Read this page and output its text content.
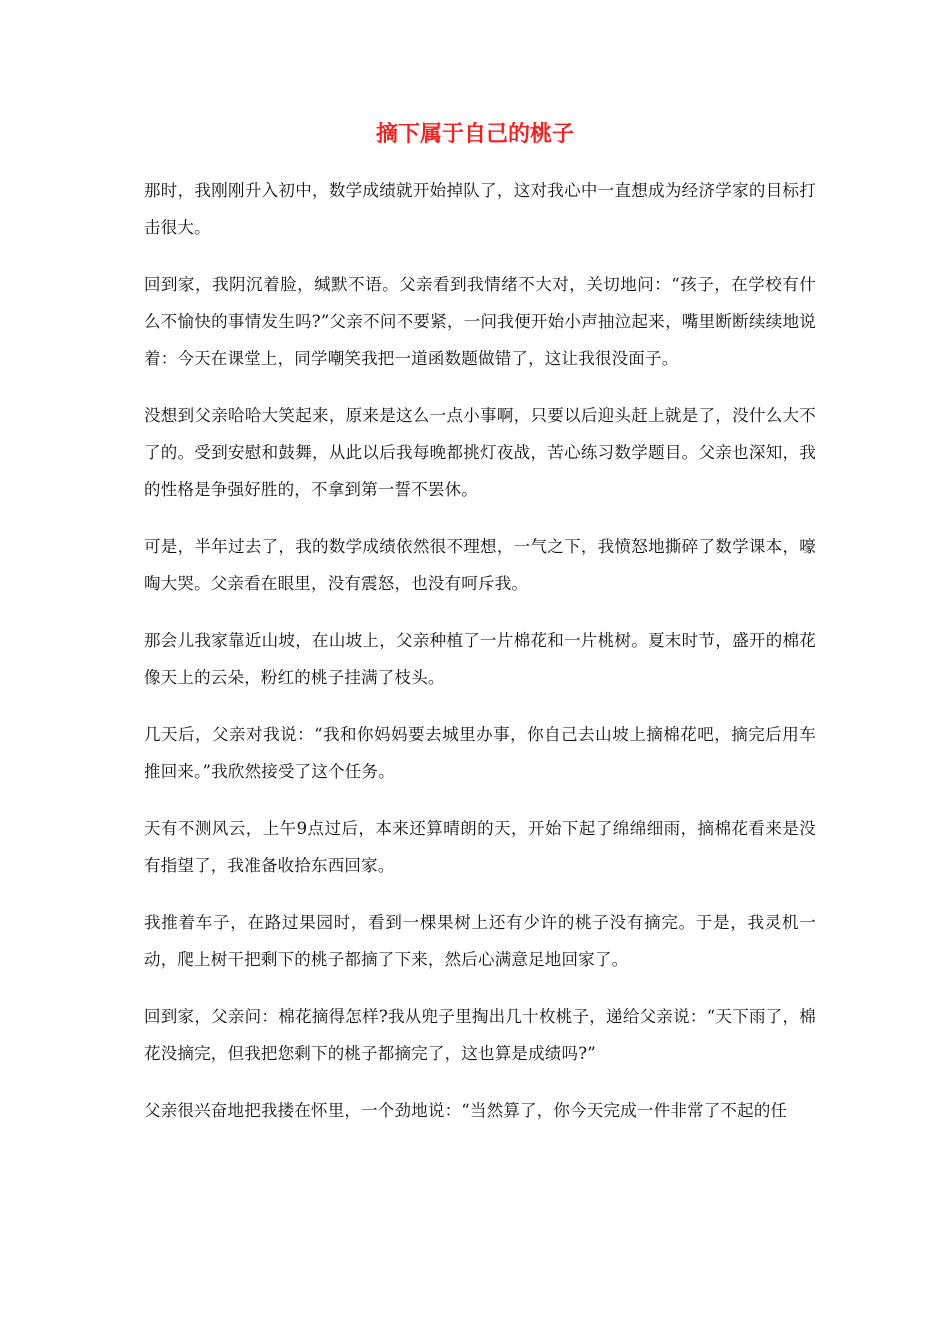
摘下属于自己的桃子

那时，我刚刚升入初中，数学成绩就开始掉队了，这对我心中一直想成为经济学家的目标打击很大。

回到家，我阴沉着脸，缄默不语。父亲看到我情绪不大对，关切地问：“孩子，在学校有什么不愉快的事情发生吗?”父亲不问不要紧，一问我便开始小声抽泣起来，嘴里断断续续地说着：今天在课堂上，同学嘲笑我把一道函数题做错了，这让我很没面子。

没想到父亲哈哈大笑起来，原来是这么一点小事啊，只要以后迎头赶上就是了，没什么大不了的。受到安慰和鼓舞，从此以后我每晚都挑灯夜战，苦心练习数学题目。父亲也深知，我的性格是争强好胜的，不拿到第一誓不罢休。

可是，半年过去了，我的数学成绩依然很不理想，一气之下，我愤怒地撕碎了数学课本，嚎啕大哭。父亲看在眼里，没有震怒，也没有呵斥我。

那会儿我家靠近山坡，在山坡上，父亲种植了一片棉花和一片桃树。夏末时节，盛开的棉花像天上的云朵，粉红的桃子挂满了枝头。

几天后，父亲对我说：“我和你妈妈要去城里办事，你自己去山坡上摘棉花吧，摘完后用车推回来。”我欣然接受了这个任务。

天有不测风云，上午9点过后，本来还算晴朗的天，开始下起了绵绵细雨，摘棉花看来是没有指望了，我准备收拾东西回家。

我推着车子，在路过果园时，看到一棵果树上还有少许的桃子没有摘完。于是，我灵机一动，爬上树干把剩下的桃子都摘了下来，然后心满意足地回家了。

回到家，父亲问：棉花摘得怎样?我从兜子里掏出几十枚桃子，递给父亲说：“天下雨了，棉花没摘完，但我把您剩下的桃子都摘完了，这也算是成绩吗?”

父亲很兴奋地把我搂在怀里，一个劲地说：“当然算了，你今天完成一件非常了不起的任
